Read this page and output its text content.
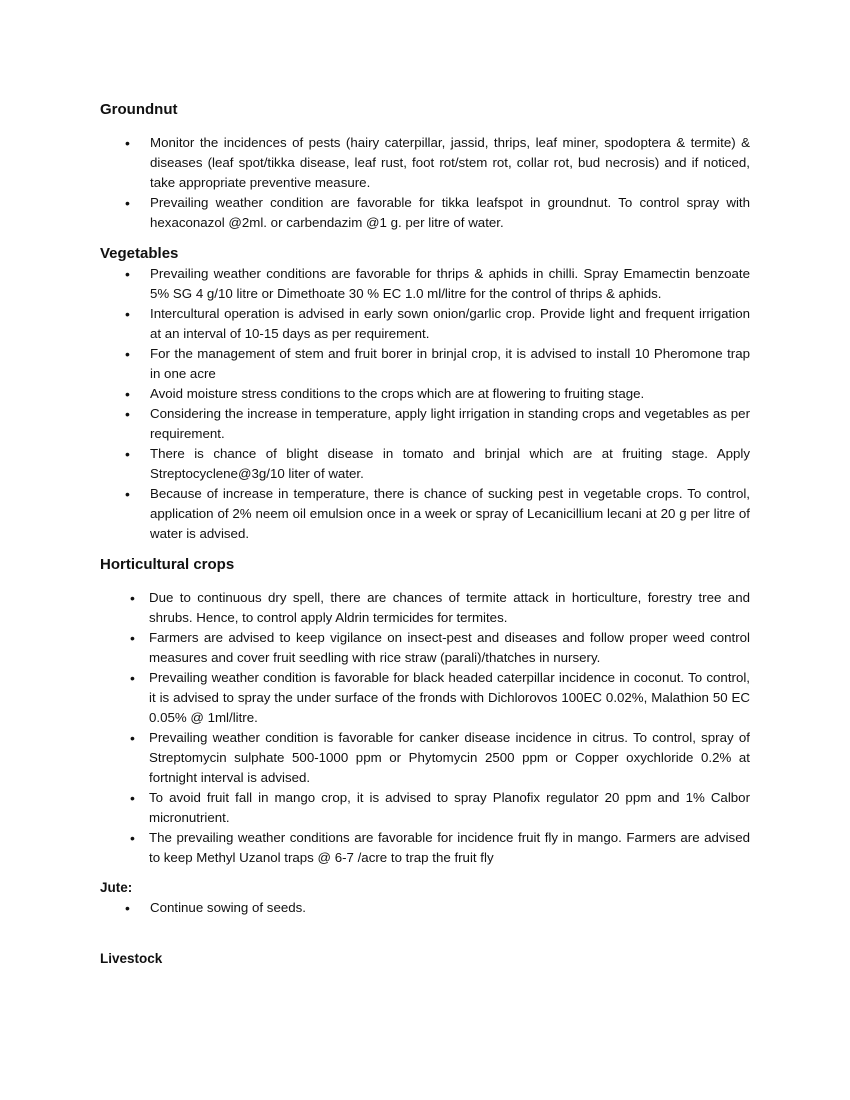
Groundnut
• Monitor the incidences of pests (hairy caterpillar, jassid, thrips, leaf miner, spodoptera & termite) & diseases (leaf spot/tikka disease, leaf rust, foot rot/stem rot, collar rot, bud necrosis) and if noticed, take appropriate preventive measure.
• Prevailing weather condition are favorable for tikka leafspot in groundnut. To control spray with hexaconazol @2ml. or carbendazim @1 g. per litre of water.
Vegetables
• Prevailing weather conditions are favorable for thrips & aphids in chilli. Spray Emamectin benzoate 5% SG 4 g/10 litre or Dimethoate 30 % EC 1.0 ml/litre for the control of thrips & aphids.
• Intercultural operation is advised in early sown onion/garlic crop. Provide light and frequent irrigation at an interval of 10-15 days as per requirement.
• For the management of stem and fruit borer in brinjal crop, it is advised to install 10 Pheromone trap in one acre
• Avoid moisture stress conditions to the crops which are at flowering to fruiting stage.
• Considering the increase in temperature, apply light irrigation in standing crops and vegetables as per requirement.
• There is chance of blight disease in tomato and brinjal which are at fruiting stage. Apply Streptocyclene@3g/10 liter of water.
• Because of increase in temperature, there is chance of sucking pest in vegetable crops. To control, application of 2% neem oil emulsion once in a week or spray of Lecanicillium lecani at 20 g per litre of water is advised.
Horticultural crops
• Due to continuous dry spell, there are chances of termite attack in horticulture, forestry tree and shrubs. Hence, to control apply Aldrin termicides for termites.
• Farmers are advised to keep vigilance on insect-pest and diseases and follow proper weed control measures and cover fruit seedling with rice straw (parali)/thatches in nursery.
• Prevailing weather condition is favorable for black headed caterpillar incidence in coconut. To control, it is advised to spray the under surface of the fronds with Dichlorovos 100EC 0.02%, Malathion 50 EC 0.05% @ 1ml/litre.
• Prevailing weather condition is favorable for canker disease incidence in citrus. To control, spray of Streptomycin sulphate 500-1000 ppm or Phytomycin 2500 ppm or Copper oxychloride 0.2% at fortnight interval is advised.
• To avoid fruit fall in mango crop, it is advised to spray Planofix regulator 20 ppm and 1% Calbor micronutrient.
• The prevailing weather conditions are favorable for incidence fruit fly in mango. Farmers are advised to keep Methyl Uzanol traps @ 6-7 /acre to trap the fruit fly
Jute:
• Continue sowing of seeds.
Livestock
